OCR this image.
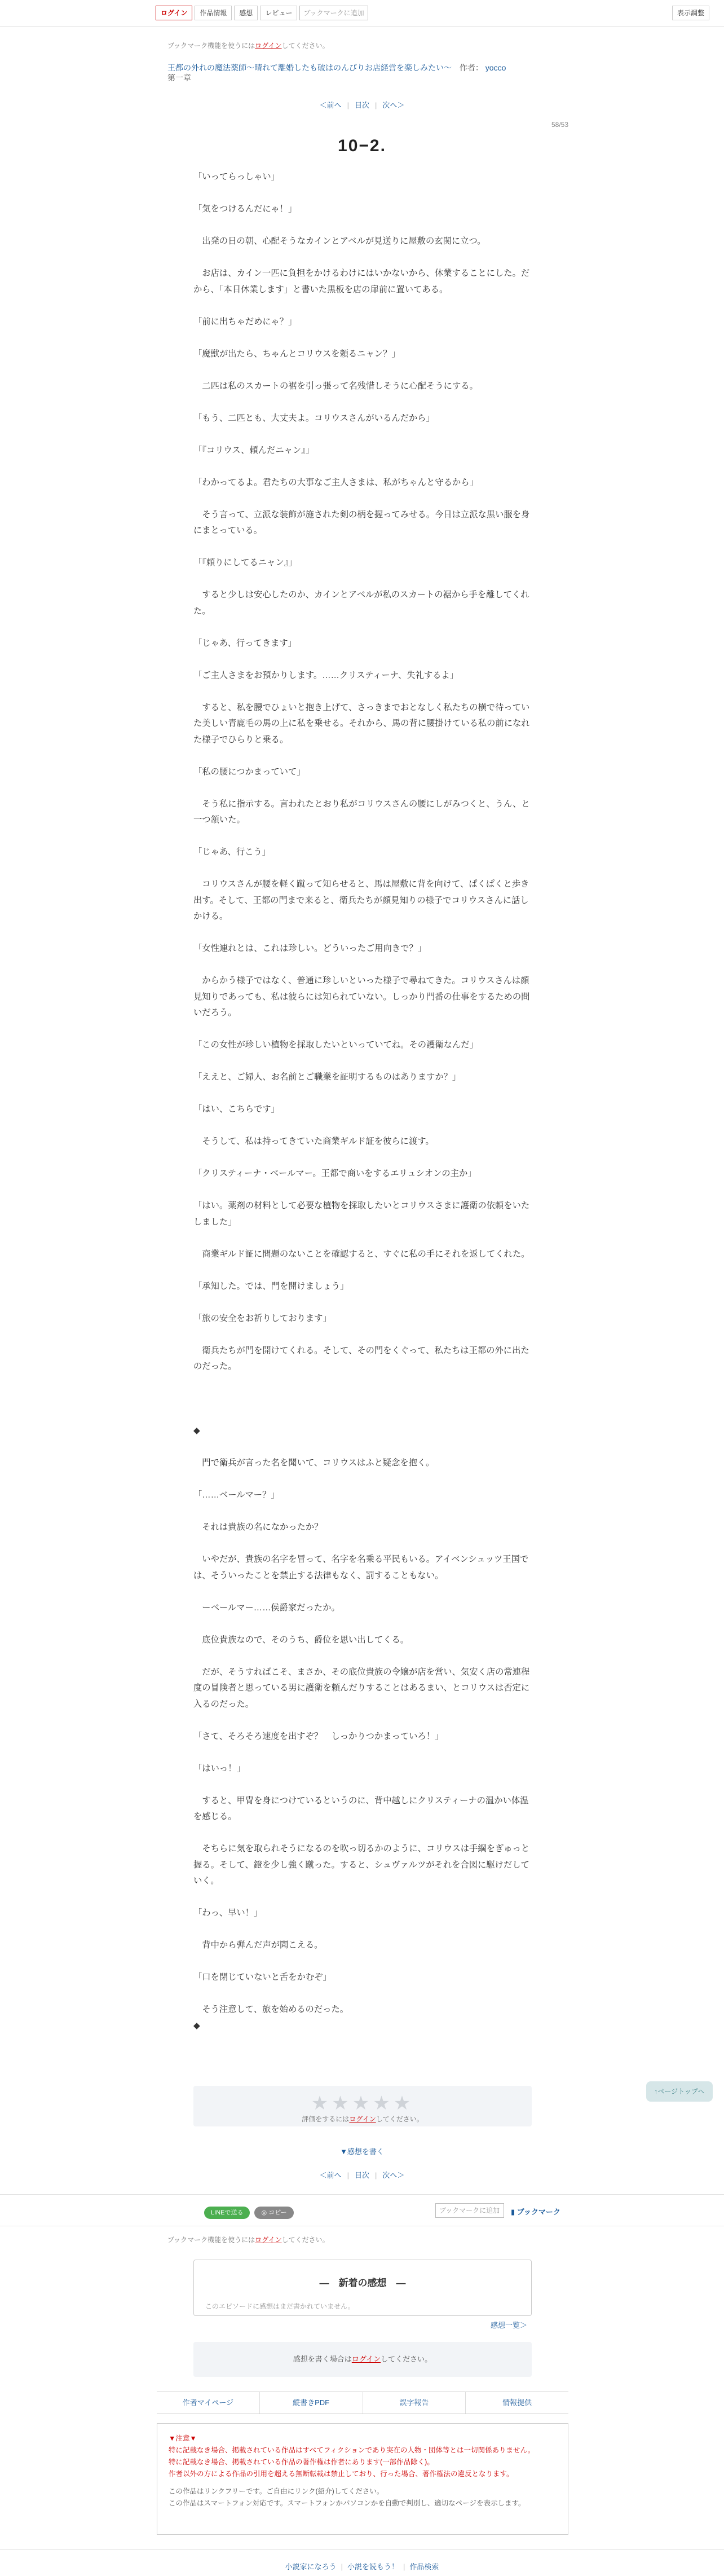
ログイン	作品情報	感想	レビュー	ブックマークに追加	表示調整
ブックマーク機能を使うにはログインしてください。
王都の外れの魔法薬師〜晴れて離婚したも破はのんびりお店経営を楽しみたい〜 作者： yocco
第一章
＜前へ | 目次 | 次へ＞
58/53
10−2.

「いってらっしゃい」

「気をつけるんだにゃ！」

　出発の日の朝、心配そうなカインとアベルが見送りに屋敷の玄関に立つ。

　お店は、カイン一匹に負担をかけるわけにはいかないから、休業することにした。だから、「本日休業します」と書いた黒板を店の扉前に置いてある。

「前に出ちゃだめにゃ？」

「魔獣が出たら、ちゃんとコリウスを頼るニャン？」

　二匹は私のスカートの裾を引っ張って名残惜しそうに心配そうにする。

「もう、二匹とも、大丈夫よ。コリウスさんがいるんだから」

「『コリウス、頼んだニャン』」

「わかってるよ。君たちの大事なご主人さまは、私がちゃんと守るから」

　そう言って、立派な装飾が施された剣の柄を握ってみせる。今日は立派な黒い服を身にまとっている。

「『頼りにしてるニャン』」

　すると少しは安心したのか、カインとアベルが私のスカートの裾から手を離してくれた。

「じゃあ、行ってきます」

「ご主人さまをお預かりします。……クリスティーナ、失礼するよ」

　すると、私を腰でひょいと抱き上げて、さっきまでおとなしく私たちの横で待っていた美しい青鹿毛の馬の上に私を乗せる。それから、馬の背に腰掛けている私の前になれた様子でひらりと乗る。

「私の腰につかまっていて」

　そう私に指示する。言われたとおり私がコリウスさんの腰にしがみつくと、うん、と一つ頷いた。

「じゃあ、行こう」

　コリウスさんが腰を軽く蹴って知らせると、馬は屋敷に背を向けて、ぱくぱくと歩き出す。そして、王都の門まで来ると、衛兵たちが顔見知りの様子でコリウスさんに話しかける。

「女性連れとは、これは珍しい。どういったご用向きで？」

　からかう様子ではなく、普通に珍しいといった様子で尋ねてきた。コリウスさんは顔見知りであっても、私は彼らには知られていない。しっかり門番の仕事をするための問いだろう。

「この女性が珍しい植物を採取したいといっていてね。その護衛なんだ」

「ええと、ご婦人、お名前とご職業を証明するものはありますか？」

「はい、こちらです」

　そうして、私は持ってきていた商業ギルド証を彼らに渡す。

「クリスティーナ・ベールマー。王都で商いをするエリュシオンの主か」

「はい。薬剤の材料として必要な植物を採取したいとコリウスさまに護衛の依頼をいたしました」

　商業ギルド証に問題のないことを確認すると、すぐに私の手にそれを返してくれた。

「承知した。では、門を開けましょう」

「旅の安全をお祈りしております」

　衛兵たちが門を開けてくれる。そして、その門をくぐって、私たちは王都の外に出たのだった。

◆

　門で衛兵が言った名を聞いて、コリウスはふと疑念を抱く。

「……ベールマー？」

　それは貴族の名になかったか？

　いやだが、貴族の名字を冒って、名字を名乗る平民もいる。アイベンシュッツ王国では、そういったことを禁止する法律もなく、罰することもない。

　ーベールマー……侯爵家だったか。

　底位貴族なので、そのうち、爵位を思い出してくる。

　だが、そうすればこそ、まさか、その底位貴族の令嬢が店を営い、気安く店の常連程度の冒険者と思っている男に護衛を頼んだりすることはあるまい、とコリウスは否定に入るのだった。

「さて、そろそろ速度を出すぞ？　しっかりつかまっていろ！」

「はいっ！」

　すると、甲冑を身につけているというのに、背中越しにクリスティーナの温かい体温を感じる。

　そちらに気を取られそうになるのを吹っ切るかのように、コリウスは手綱をぎゅっと握る。そして、鐙を少し強く蹴った。すると、シュヴァルツがそれを合図に駆けだしていく。

「わっ、早い！」

　背中から弾んだ声が聞こえる。

「口を閉じていないと舌をかむぞ」

　そう注意して、旅を始めるのだった。

◆

★★★★★
評価をするにはログインしてください。
↑ページトップへ
▼感想を書く
＜前へ | 目次 | 次へ＞
LINEで送る	◎ コピー	ブックマークに追加	▮ ブックマーク
ブックマーク機能を使うにはログインしてください。
―　新着の感想　―
このエピソードに感想はまだ書かれていません。
感想一覧＞
感想を書く場合はログインしてください。
作者マイページ	縦書きPDF	誤字報告	情報提供
▼注意▼
特に記載なき場合、掲載されている作品はすべてフィクションであり実在の人物・団体等とは一切関係ありません。
特に記載なき場合、掲載されている作品の著作権は作者にあります(一部作品除く)。
作者以外の方による作品の引用を超える無断転載は禁止しており、行った場合、著作権法の違反となります。
この作品はリンクフリーです。ご自由にリンク(紹介)してください。
この作品はスマートフォン対応です。スマートフォンかパソコンかを自動で判別し、適切なページを表示します。
小説家になろう | 小説を読もう！ | 作品検索
